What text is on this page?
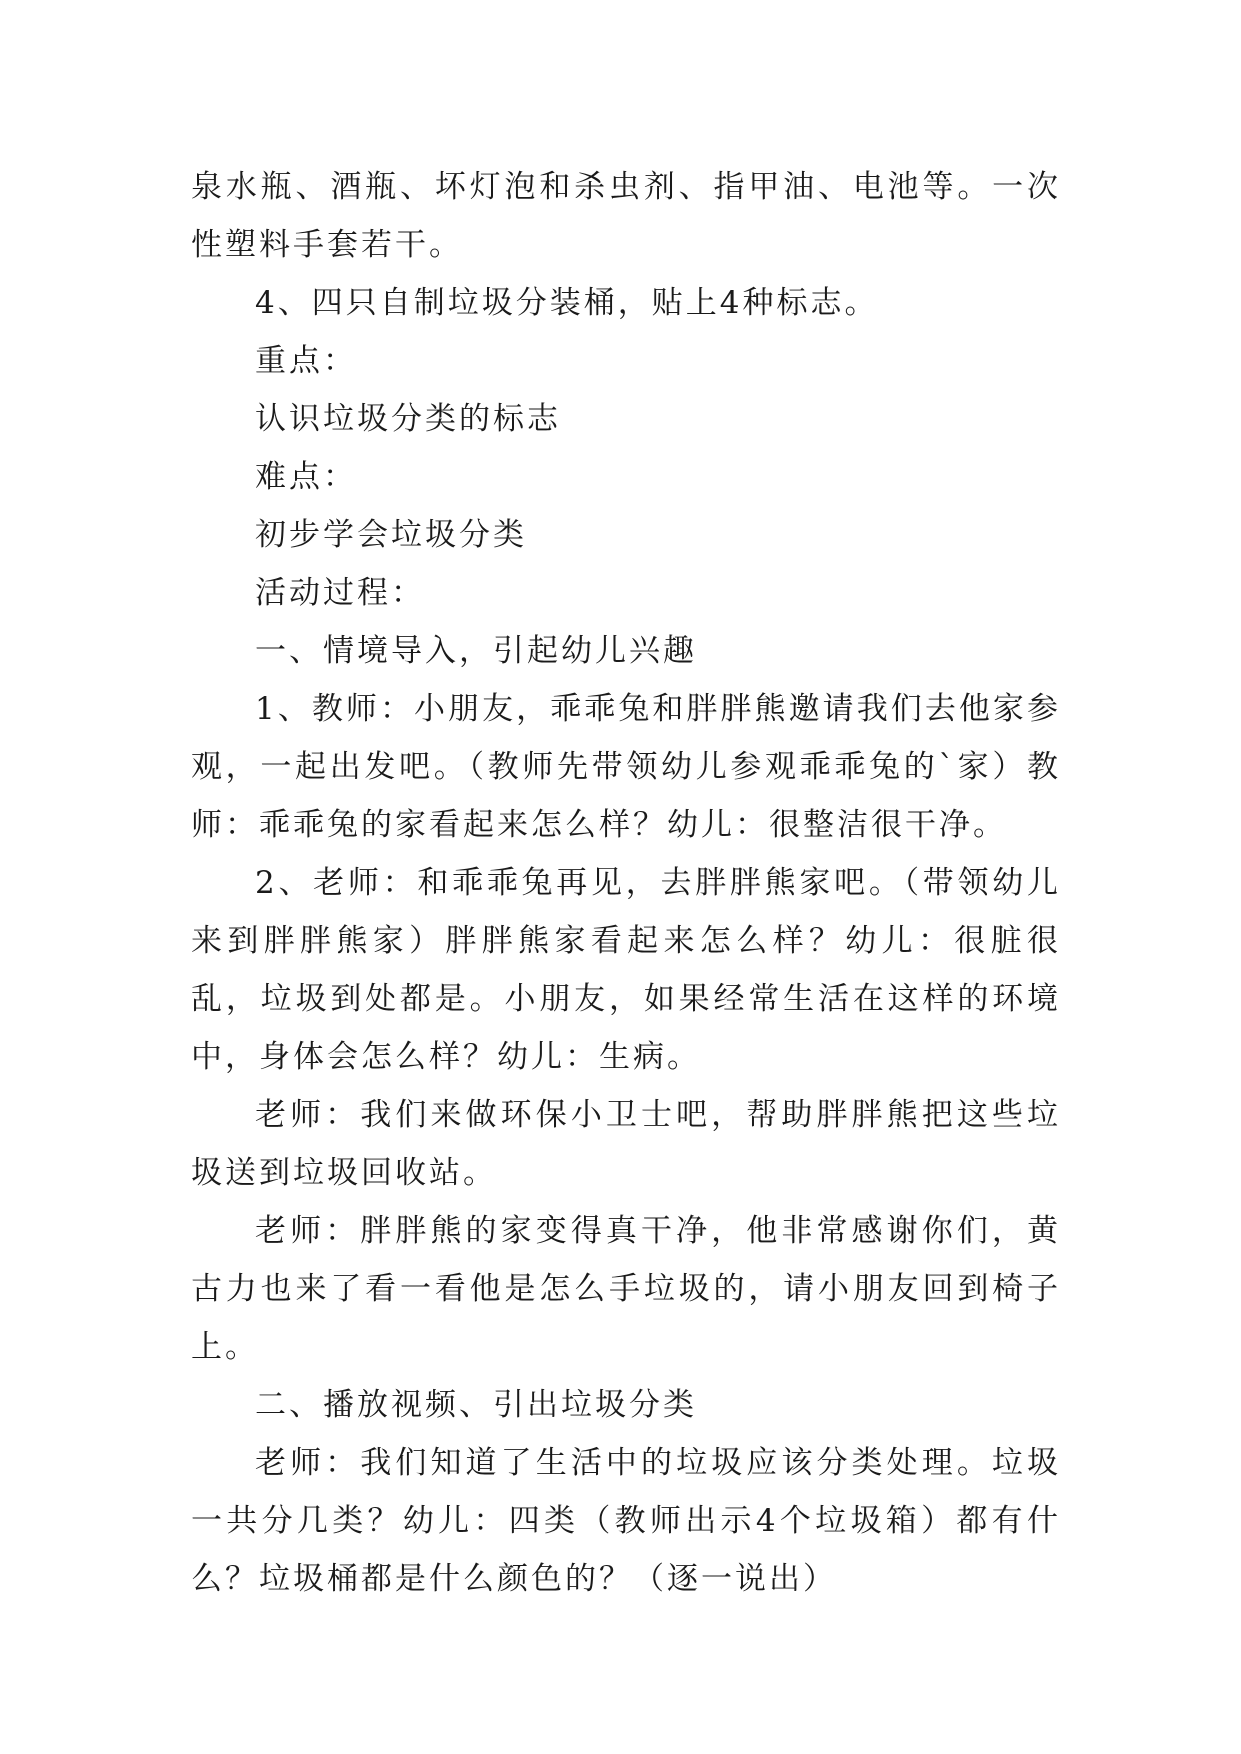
泉水瓶、酒瓶、坏灯泡和杀虫剂、指甲油、电池等。一次性塑料手套若干。

4、四只自制垃圾分装桶，贴上4种标志。

重点：

认识垃圾分类的标志

难点：

初步学会垃圾分类

活动过程：

一、情境导入，引起幼儿兴趣

1、教师：小朋友，乖乖兔和胖胖熊邀请我们去他家参观，一起出发吧。（教师先带领幼儿参观乖乖兔的`家）教师：乖乖兔的家看起来怎么样？幼儿：很整洁很干净。

2、老师：和乖乖兔再见，去胖胖熊家吧。（带领幼儿来到胖胖熊家）胖胖熊家看起来怎么样？幼儿：很脏很乱，垃圾到处都是。小朋友，如果经常生活在这样的环境中，身体会怎么样？幼儿：生病。

老师：我们来做环保小卫士吧，帮助胖胖熊把这些垃圾送到垃圾回收站。

老师：胖胖熊的家变得真干净，他非常感谢你们，黄古力也来了看一看他是怎么手垃圾的，请小朋友回到椅子上。

二、播放视频、引出垃圾分类

老师：我们知道了生活中的垃圾应该分类处理。垃圾一共分几类？幼儿：四类（教师出示4个垃圾箱）都有什么？垃圾桶都是什么颜色的？（逐一说出）
